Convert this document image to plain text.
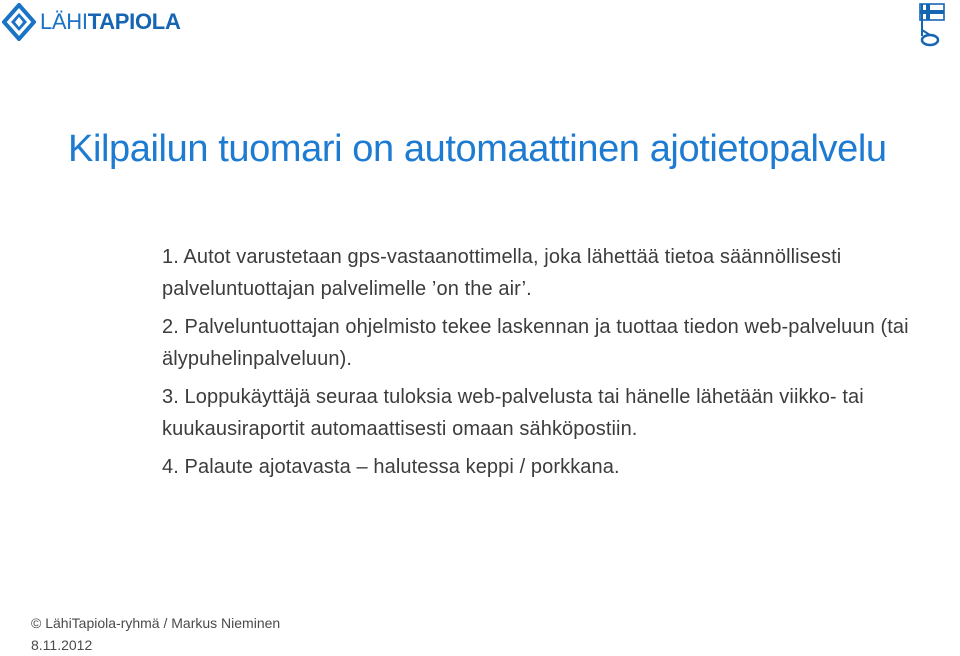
LÄHITAPIOLA
Kilpailun tuomari on automaattinen ajotietopalvelu
1. Autot varustetaan gps-vastaanottimella, joka lähettää tietoa säännöllisesti palveluntuottajan palvelimelle ’on the air’.
2. Palveluntuottajan ohjelmisto tekee laskennan ja tuottaa tiedon web-palveluun (tai älypuhelinpalveluun).
3. Loppukäyttäjä seuraa tuloksia web-palvelusta tai hänelle lähetään viikko- tai kuukausiraportit automaattisesti omaan sähköpostiin.
4. Palaute ajotavasta – halutessa keppi / porkkana.
© LähiTapiola-ryhmä / Markus Nieminen
8.11.2012
